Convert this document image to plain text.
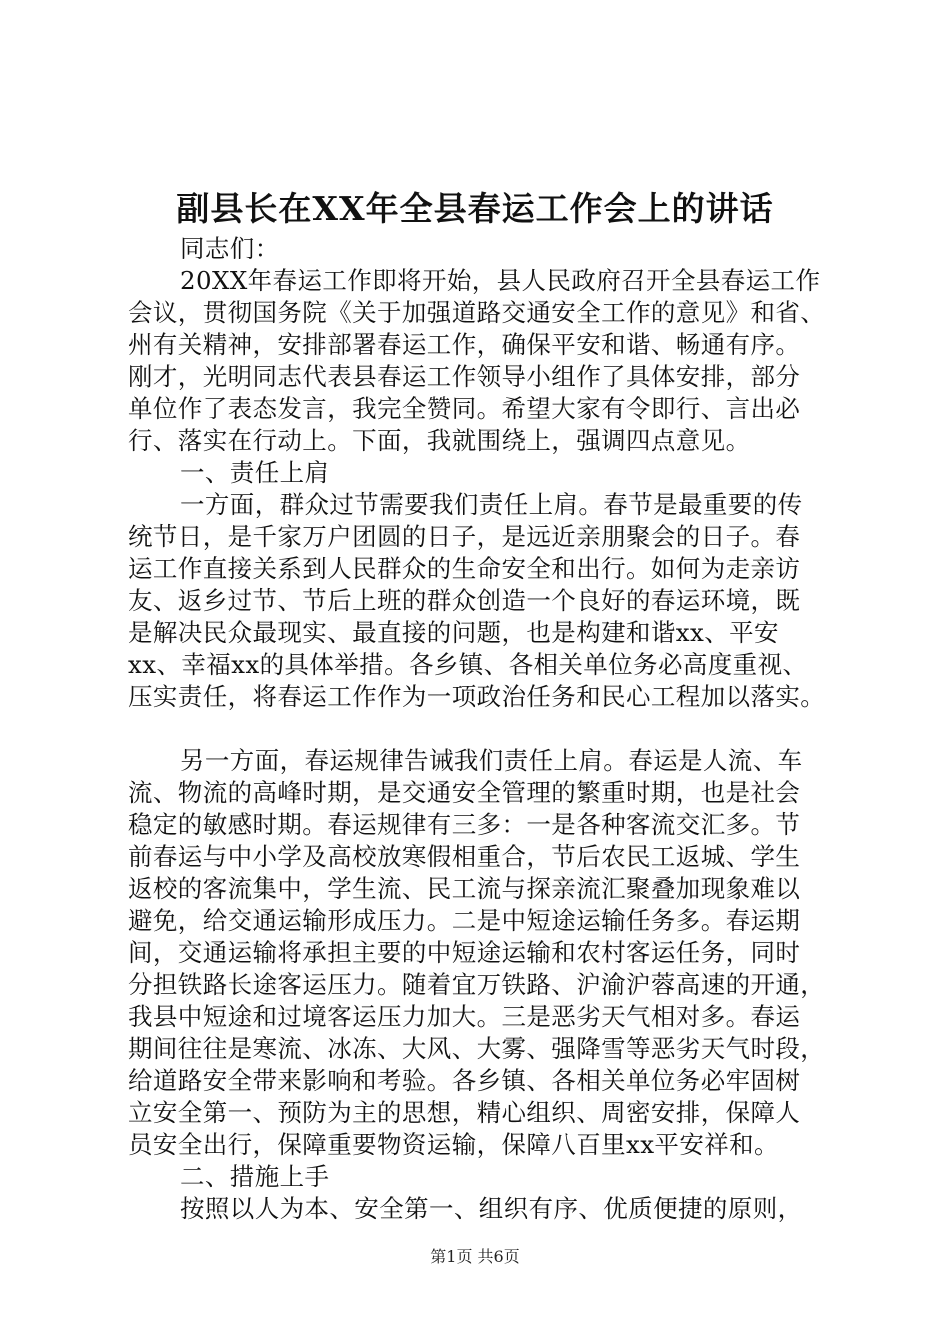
副县长在XX年全县春运工作会上的讲话
同志们：
20XX年春运工作即将开始，县人民政府召开全县春运工作
会议，贯彻国务院《关于加强道路交通安全工作的意见》和省、
州有关精神，安排部署春运工作，确保平安和谐、畅通有序。
刚才，光明同志代表县春运工作领导小组作了具体安排，部分
单位作了表态发言，我完全赞同。希望大家有令即行、言出必
行、落实在行动上。下面，我就围绕上，强调四点意见。
一、责任上肩
一方面，群众过节需要我们责任上肩。春节是最重要的传
统节日，是千家万户团圆的日子，是远近亲朋聚会的日子。春
运工作直接关系到人民群众的生命安全和出行。如何为走亲访
友、返乡过节、节后上班的群众创造一个良好的春运环境，既
是解决民众最现实、最直接的问题，也是构建和谐xx、平安
xx、幸福xx的具体举措。各乡镇、各相关单位务必高度重视、
压实责任，将春运工作作为一项政治任务和民心工程加以落实。
另一方面，春运规律告诫我们责任上肩。春运是人流、车
流、物流的高峰时期，是交通安全管理的繁重时期，也是社会
稳定的敏感时期。春运规律有三多：一是各种客流交汇多。节
前春运与中小学及高校放寒假相重合，节后农民工返城、学生
返校的客流集中，学生流、民工流与探亲流汇聚叠加现象难以
避免，给交通运输形成压力。二是中短途运输任务多。春运期
间，交通运输将承担主要的中短途运输和农村客运任务，同时
分担铁路长途客运压力。随着宜万铁路、沪渝沪蓉高速的开通，
我县中短途和过境客运压力加大。三是恶劣天气相对多。春运
期间往往是寒流、冰冻、大风、大雾、强降雪等恶劣天气时段，
给道路安全带来影响和考验。各乡镇、各相关单位务必牢固树
立安全第一、预防为主的思想，精心组织、周密安排，保障人
员安全出行，保障重要物资运输，保障八百里xx平安祥和。
二、措施上手
按照以人为本、安全第一、组织有序、优质便捷的原则，
第1页 共6页
